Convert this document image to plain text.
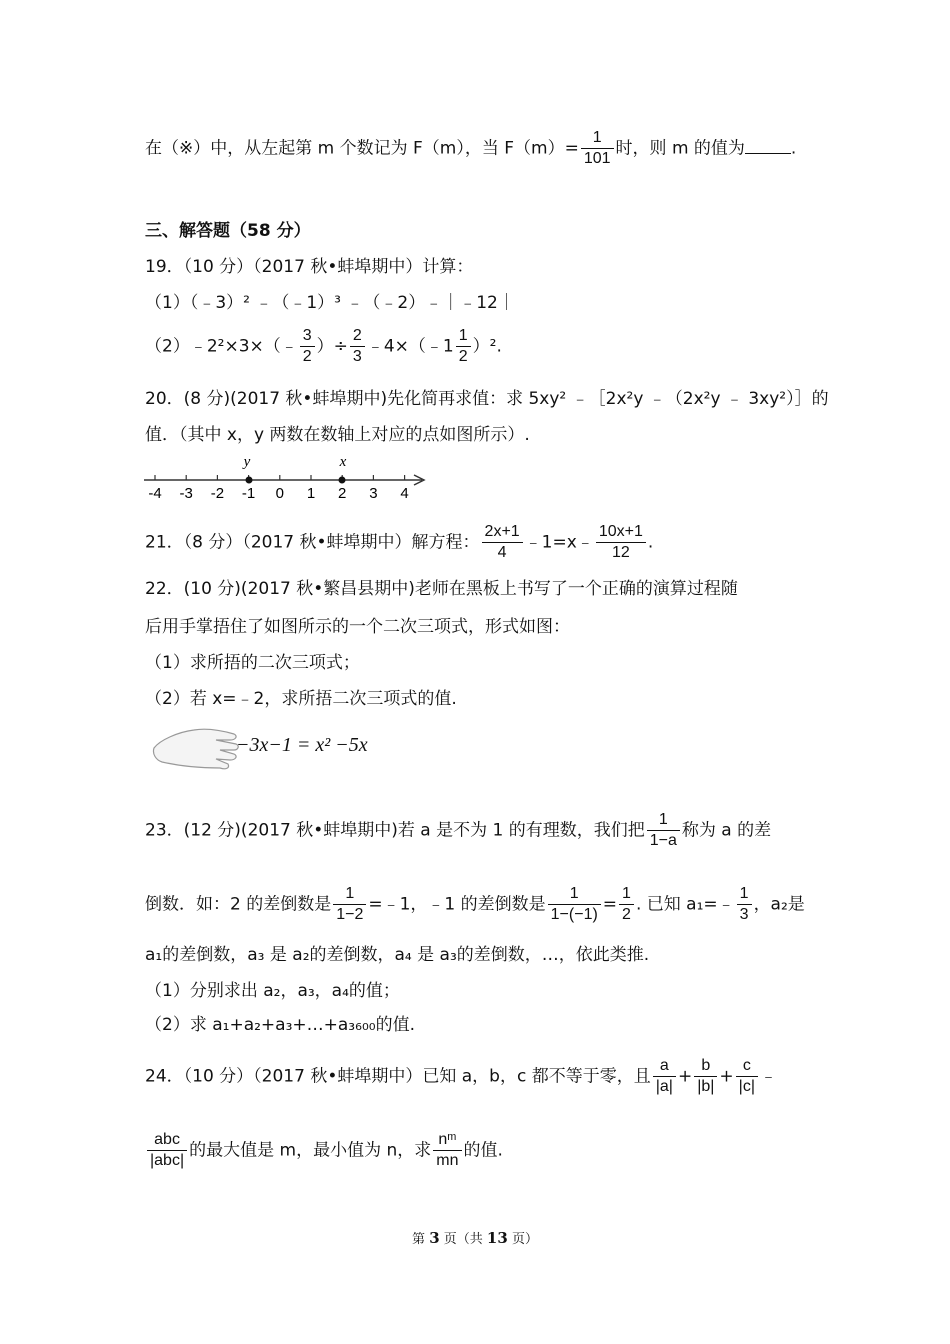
在（※）中，从左起第 m 个数记为 F（m），当 $F(m)= \frac{1}{101}$ 时，则 m 的值为	.
三、解答题（58 分）
19．（10 分）（2017 秋•蚌埠期中）计算：
（1）（﹣3）² ﹣（﹣1）³ ﹣（﹣2）﹣｜﹣12｜
（2）﹣2²×3×（﹣ $\frac{3}{2}$ ）÷ $\frac{2}{3}$ ﹣4×（﹣1 $\frac{1}{2} )^2$.
20．(8 分)(2017 秋•蚌埠期中)先化简再求值：求 5xy² ﹣［2x²y ﹣（2x²y ﹣ 3xy²）］的
值．（其中 x，y 两数在数轴上对应的点如图所示）.
-4 -3 -2 -1 0 1 2 3 4
y	x
21．（8 分）（2017 秋•蚌埠期中）解方程： $\frac{2x+1}{4}$ ﹣1=x﹣ $\frac{10x+1}{12}$ .
22．(10 分)(2017 秋•繁昌县期中)老师在黑板上书写了一个正确的演算过程随
后用手掌捂住了如图所示的一个二次三项式，形式如图：
（1）求所捂的二次三项式；
（2）若 x=﹣2，求所捂二次三项式的值.
−3x−1 = x² −5x
23．(12 分)(2017 秋•蚌埠期中)若 a 是不为 1 的有理数，我们把 $\frac{1}{1-a}$ 称为 a 的差
倒数．如：2 的差倒数是 $\frac{1}{1-2}$ =﹣1，﹣1 的差倒数是 $\frac{1}{1-(-1)} = \frac{1}{2}$ . 已知 a₁=﹣ $\frac{1}{3}$ ，a₂是
a₁的差倒数，a₃ 是 a₂的差倒数，a₄ 是 a₃的差倒数，…，依此类推.
（1）分别求出 a₂，a₃，a₄的值；
（2）求 a₁+a₂+a₃+…+a₃₆₀₀的值.
24．（10 分）（2017 秋•蚌埠期中）已知 a，b，c 都不等于零，且 $\frac{a}{|a|} + \frac{b}{|b|} + \frac{c}{|c|}$ ﹣
$\frac{\text{abc}}{\text{|abc|}}$ 的最大值是 m，最小值为 n，求 $\frac{\text{nᵐ}}{mn}$ 的值.
第 3 页（共 13 页）
